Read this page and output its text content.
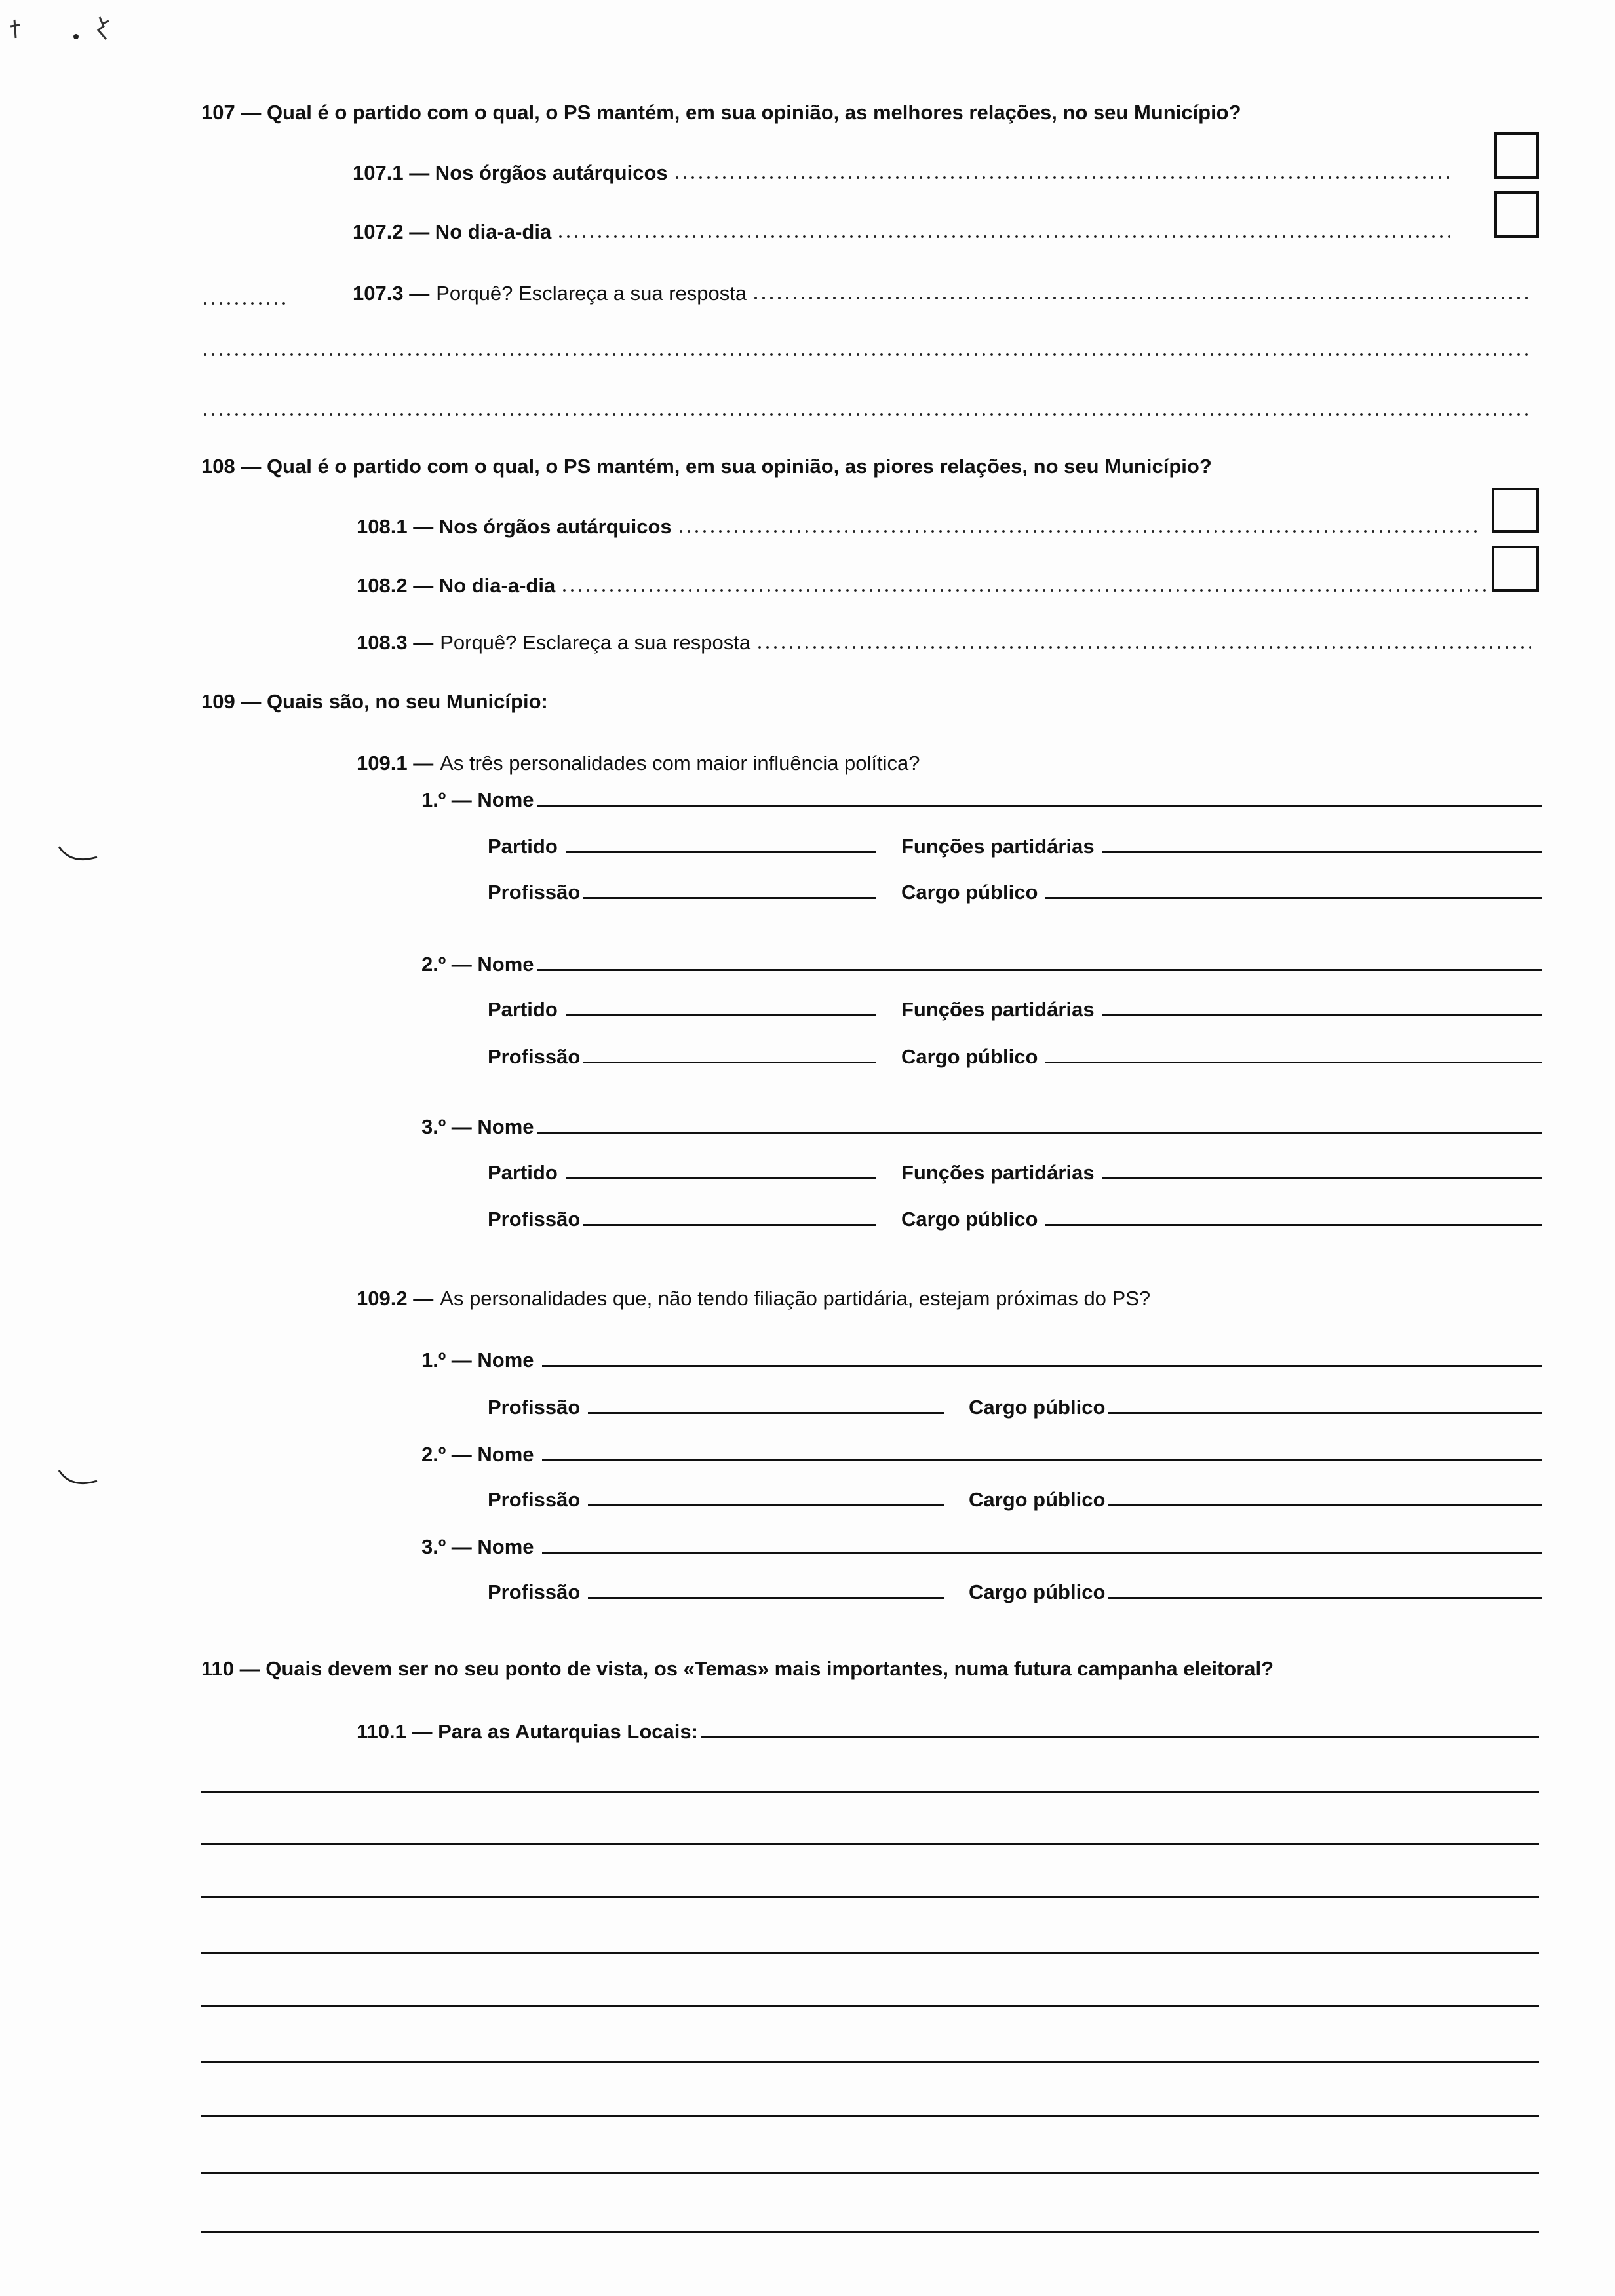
107 — Qual é o partido com o qual, o PS mantém, em sua opinião, as melhores relações, no seu Município?
107.1 — Nos órgãos autárquicos
107.2 — No dia-a-dia
107.3 — Porquê? Esclareça a sua resposta
108 — Qual é o partido com o qual, o PS mantém, em sua opinião, as piores relações, no seu Município?
108.1 — Nos órgãos autárquicos
108.2 — No dia-a-dia
108.3 — Porquê? Esclareça a sua resposta
109 — Quais são, no seu Município:
109.1 — As três personalidades com maior influência política?
1.º — Nome
Partido	Funções partidárias
Profissão	Cargo público
2.º — Nome
Partido	Funções partidárias
Profissão	Cargo público
3.º — Nome
Partido	Funções partidárias
Profissão	Cargo público
109.2 — As personalidades que, não tendo filiação partidária, estejam próximas do PS?
1.º — Nome
Profissão	Cargo público
2.º — Nome
Profissão	Cargo público
3.º — Nome
Profissão	Cargo público
110 — Quais devem ser no seu ponto de vista, os «Temas» mais importantes, numa futura campanha eleitoral?
110.1 — Para as Autarquias Locais:
